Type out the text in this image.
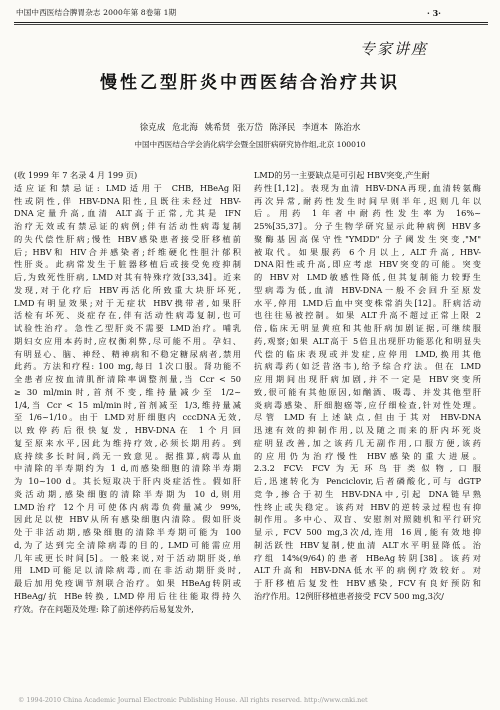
中国中西医结合脾胃杂志 2000年第 8卷第 1期	· 3·
专家讲座
慢性乙型肝炎中西医结合治疗共识
徐克成 危北海 姚希贤 张万岱 陈泽民 李道本 陈治水
中国中西医结合学会消化病学会暨全国肝病研究协作组,北京 100010
(收 1999 年 7 名录 4 月 199 页)
适应证和禁忌证: LMD适用于 CHB, HBeAg阳
性或阴性,伴 HBV-DNA阳性,且既往未经过 HBV-
DNA定量升高,血清 ALT高于正常,尤其是 IFN
治疗无效或有禁忌证的病例;伴有活动性病毒复制
的失代偿性肝病;慢性 HBV感染患者接受肝移植前
后; HBV和 HIV合并感染者;纤维硬化性胆汁郁积
性肝炎。此病常发生于脏器移植后或接受免疫抑制
后,为致死性肝病, LMD对其有特殊疗效[33,34]。近来
发现,对于化疗后 HBV再活化所致重大块肝坏死,
LMD有明显效果;对于无症状 HBV携带者,如果肝
活检有坏死、炎症存在,伴有活动性病毒复制,也可
试验性治疗。急性乙型肝炎不需要 LMD治疗。哺乳
期妇女应用本药时,应权衡利弊,尽可能不用。孕妇、
有明显心、脑、神经、精神病和不稳定糖尿病者,禁用
此药。方法和疗程: 100 mg,每日 1次口服。肾功能不
全患者应按血清肌酐清除率调整剂量,当 Ccr < 50
≥ 30 ml/min时,首剂不变,维持量减少至 1/2~
1/4,当 Ccr < 15 ml/min时,首剂减至 1/3,维持量减
至 1/6~1/10。由于 LMD对肝细胞内 cccDNA无效,
以致停药后很快复发, HBV-DNA在 1个月回
复至原来水平,因此为维持疗效,必须长期用药。到
底持续多长时间,尚无一致意见。据推算,病毒从血
中清除的半寿期约为 1 d,而感染细胞的清除半寿期
为 10~100 d。其长短取决于肝内炎症活性。假如肝
炎活动期,感染细胞的清除半寿期为 10 d,则用
LMD治疗 12个月可使体内病毒负荷量减少 99%,
因此足以使 HBV从所有感染细胞内清除。假如肝炎
处于非活动期,感染细胞的清除半寿期可能为 100
d,为了达到完全清除病毒的目的, LMD可能需应用
几年或更长时间[5]。一般来说,对于活动期肝炎,单
用 LMD可能足以清除病毒,而在非活动期肝炎时,
最后加用免疫调节剂联合治疗。如果 HBeAg转阴或
HBeAg/抗 HBe转换, LMD停用后往往能取得持久
疗效。存在问题及处理: 除了前述停药后易复发外,
LMD的另一主要缺点是可引起 HBV突变,产生耐
药性[1,12]。表现为血清 HBV-DNA再现,血清转氨酶
再次异常,耐药性发生时间早则半年,迟则几年以
后。用药 1年者中耐药性发生率为 16%~
25%[35,37]。分子生物学研究显示此种病例 HBV多
聚酶基因高保守性"YMDD"分子阈发生突变,"M"
被取代。如果服药 6个月以上, ALT升高, HBV-
DNA阳性或升高,即应考虑 HBV突变的可能。突变
的 HBV对 LMD敏感性降低,但其复制能力较野生
型病毒为低,血清 HBV-DNA一般不会回升至原发
水平,停用 LMD后血中突变株常消失[12]。肝病活动
也往往易被控制。如果 ALT升高不超过正常上限 2
倍,临床无明显黄疸和其他肝病加剧证据,可继续服
药,观察;如果 ALT高于 5倍且出现肝功能恶化和明显失
代偿的临床表现或并发症,应停用 LMD,换用其他
抗病毒药(如泛昔洛韦),给予综合疗法。但在 LMD
应用期间出现肝病加剧,并不一定是 HBV突变所
致,很可能有其他原因,如酗酒、吸毒、并发其他型肝
炎病毒感染、肝细胞癌等,应仔细检查,针对性处理。
尽管 LMD有上述缺点,但由于其对 HBV-DNA
迅速有效的抑制作用,以及随之而来的肝内坏死炎
症明显改善,加之该药几无副作用,口服方便,该药
的应用仍为治疗慢性 HBV感染的重大进展。
2.3.2 FCV: FCV为无环鸟苷类似物,口服
后,迅速转化为 Penciclovir,后者磷酸化,可与 dGTP
竞争,掺合于初生 HBV-DNA中,引起 DNA链早熟
性终止或失稳定。该药对 HBV的逆转录过程也有抑
制作用。多中心、双盲、安慰剂对照随机和平行研究
显示, FCV 500 mg,3次/d,连用 16周,能有效地抑
制活跃性 HBV复制,使血清 ALT水平明显降低。治
疗组 14%(9/64)的患者 HBeAg转阴[38]。该药对
ALT升高和 HBV-DNA低水平的病例疗效较好。对
于肝移植后复发性 HBV感染, FCV有良好预防和
治疗作用。12例肝移植患者接受 FCV 500 mg,3次/
© 1994-2010 China Academic Journal Electronic Publishing House. All rights reserved. http://www.cnki.net
